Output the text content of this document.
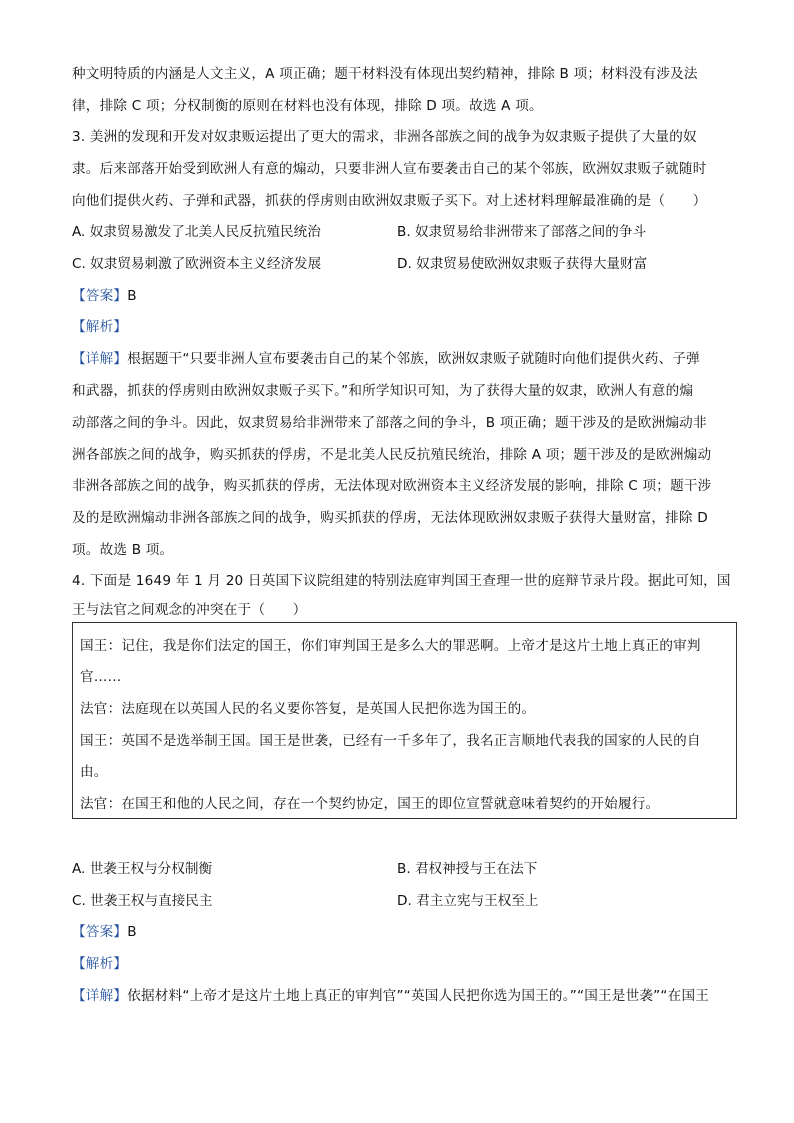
种文明特质的内涵是人文主义，A 项正确；题干材料没有体现出契约精神，排除 B 项；材料没有涉及法
律，排除 C 项；分权制衡的原则在材料也没有体现，排除 D 项。故选 A 项。
3. 美洲的发现和开发对奴隶贩运提出了更大的需求，非洲各部族之间的战争为奴隶贩子提供了大量的奴
隶。后来部落开始受到欧洲人有意的煽动，只要非洲人宣布要袭击自己的某个邻族，欧洲奴隶贩子就随时
向他们提供火药、子弹和武器，抓获的俘虏则由欧洲奴隶贩子买下。对上述材料理解最准确的是（　　）
A. 奴隶贸易激发了北美人民反抗殖民统治	B. 奴隶贸易给非洲带来了部落之间的争斗
C. 奴隶贸易刺激了欧洲资本主义经济发展	D. 奴隶贸易使欧洲奴隶贩子获得大量财富
【答案】B
【解析】
【详解】根据题干“只要非洲人宣布要袭击自己的某个邻族，欧洲奴隶贩子就随时向他们提供火药、子弹
和武器，抓获的俘虏则由欧洲奴隶贩子买下。”和所学知识可知，为了获得大量的奴隶，欧洲人有意的煽
动部落之间的争斗。因此，奴隶贸易给非洲带来了部落之间的争斗，B 项正确；题干涉及的是欧洲煽动非
洲各部族之间的战争，购买抓获的俘虏，不是北美人民反抗殖民统治，排除 A 项；题干涉及的是欧洲煽动
非洲各部族之间的战争，购买抓获的俘虏，无法体现对欧洲资本主义经济发展的影响，排除 C 项；题干涉
及的是欧洲煽动非洲各部族之间的战争，购买抓获的俘虏，无法体现欧洲奴隶贩子获得大量财富，排除 D
项。故选 B 项。
4. 下面是 1649 年 1 月 20 日英国下议院组建的特别法庭审判国王查理一世的庭辩节录片段。据此可知，国
王与法官之间观念的冲突在于（　　）
国王：记住，我是你们法定的国王，你们审判国王是多么大的罪恶啊。上帝才是这片土地上真正的审判
官……
法官：法庭现在以英国人民的名义要你答复，是英国人民把你选为国王的。
国王：英国不是选举制王国。国王是世袭，已经有一千多年了，我名正言顺地代表我的国家的人民的自
由。
法官：在国王和他的人民之间，存在一个契约协定，国王的即位宣誓就意味着契约的开始履行。
A. 世袭王权与分权制衡	B. 君权神授与王在法下
C. 世袭王权与直接民主	D. 君主立宪与王权至上
【答案】B
【解析】
【详解】依据材料“上帝才是这片土地上真正的审判官”“英国人民把你选为国王的。”“国王是世袭”“在国王
